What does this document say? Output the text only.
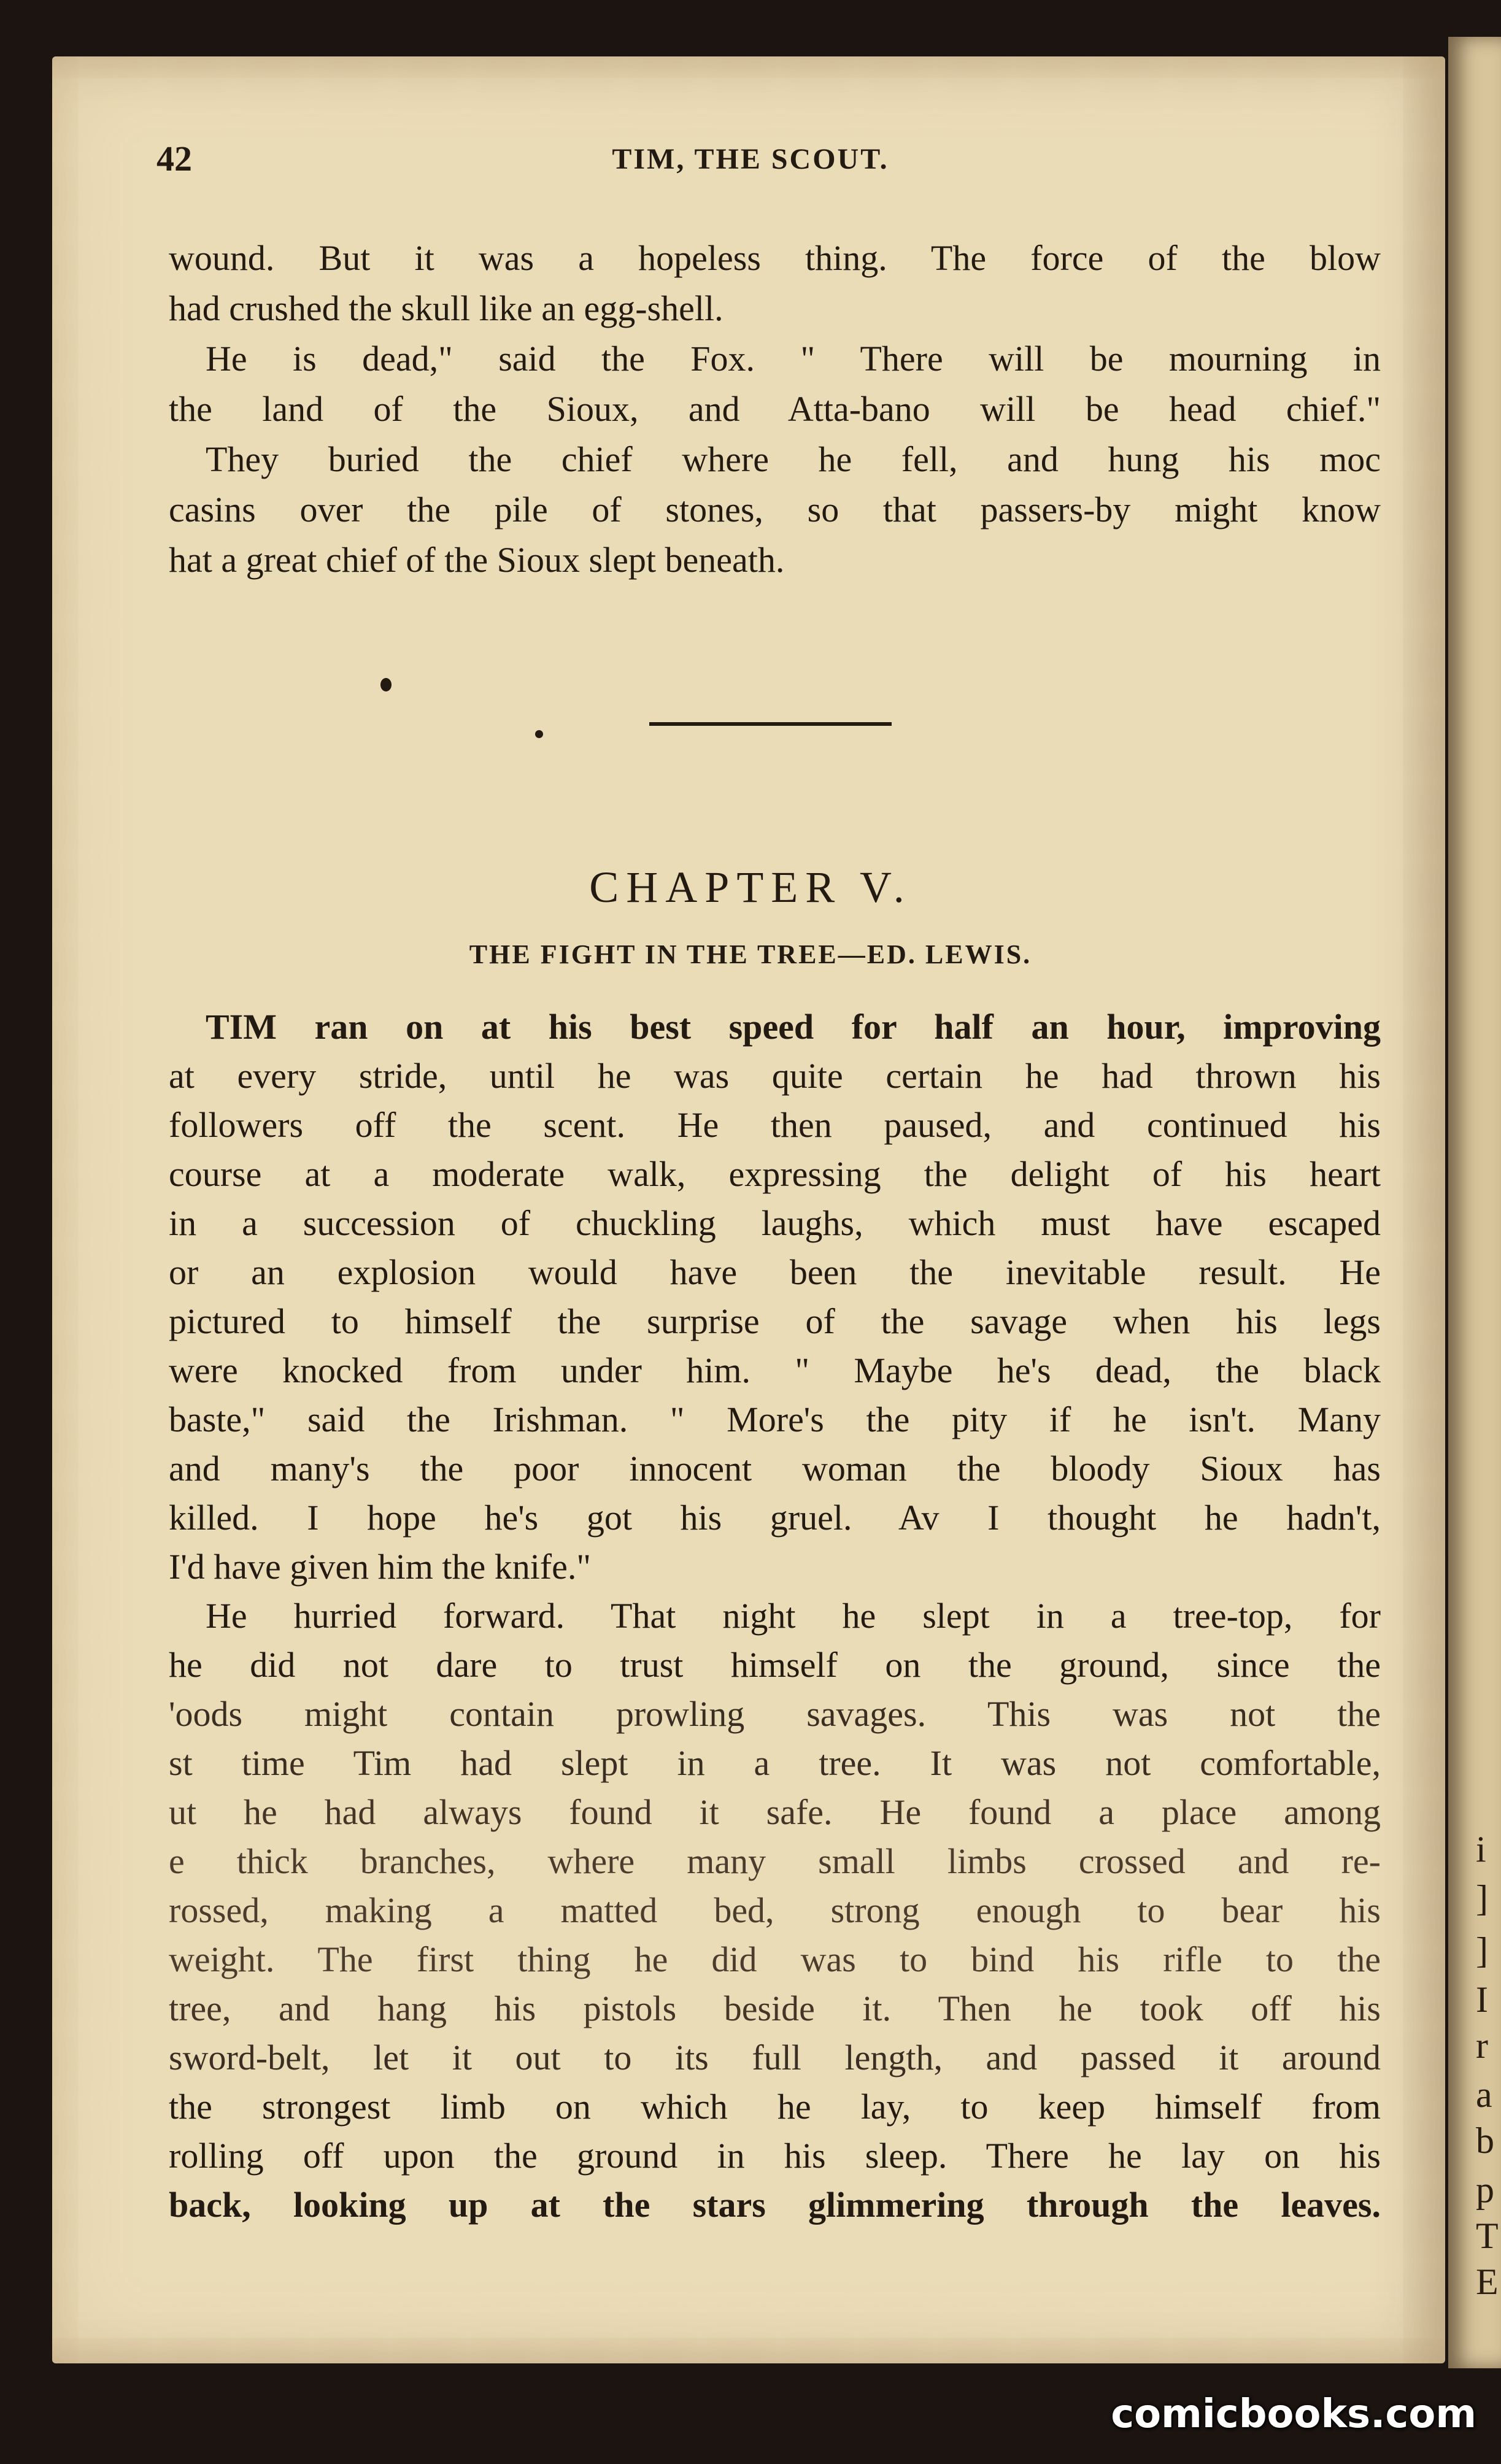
i
]
]
I
r
a
b
p
T
E
42	TIM, THE SCOUT.
wound. But it was a hopeless thing. The force of the blow
had crushed the skull like an egg-shell.
He is dead," said the Fox. " There will be mourning in
the land of the Sioux, and Atta-bano will be head chief."
They buried the chief where he fell, and hung his moc
casins over the pile of stones, so that passers-by might know
hat a great chief of the Sioux slept beneath.
CHAPTER V.
THE FIGHT IN THE TREE—ED. LEWIS.
TIM ran on at his best speed for half an hour, improving
at every stride, until he was quite certain he had thrown his
followers off the scent. He then paused, and continued his
course at a moderate walk, expressing the delight of his heart
in a succession of chuckling laughs, which must have escaped
or an explosion would have been the inevitable result. He
pictured to himself the surprise of the savage when his legs
were knocked from under him. " Maybe he's dead, the black
baste," said the Irishman. " More's the pity if he isn't. Many
and many's the poor innocent woman the bloody Sioux has
killed. I hope he's got his gruel. Av I thought he hadn't,
I'd have given him the knife."
He hurried forward. That night he slept in a tree-top, for
he did not dare to trust himself on the ground, since the
'oods might contain prowling savages. This was not the
st time Tim had slept in a tree. It was not comfortable,
ut he had always found it safe. He found a place among
e thick branches, where many small limbs crossed and re-
rossed, making a matted bed, strong enough to bear his
weight. The first thing he did was to bind his rifle to the
tree, and hang his pistols beside it. Then he took off his
sword-belt, let it out to its full length, and passed it around
the strongest limb on which he lay, to keep himself from
rolling off upon the ground in his sleep. There he lay on his
back, looking up at the stars glimmering through the leaves.
comicbooks.com
